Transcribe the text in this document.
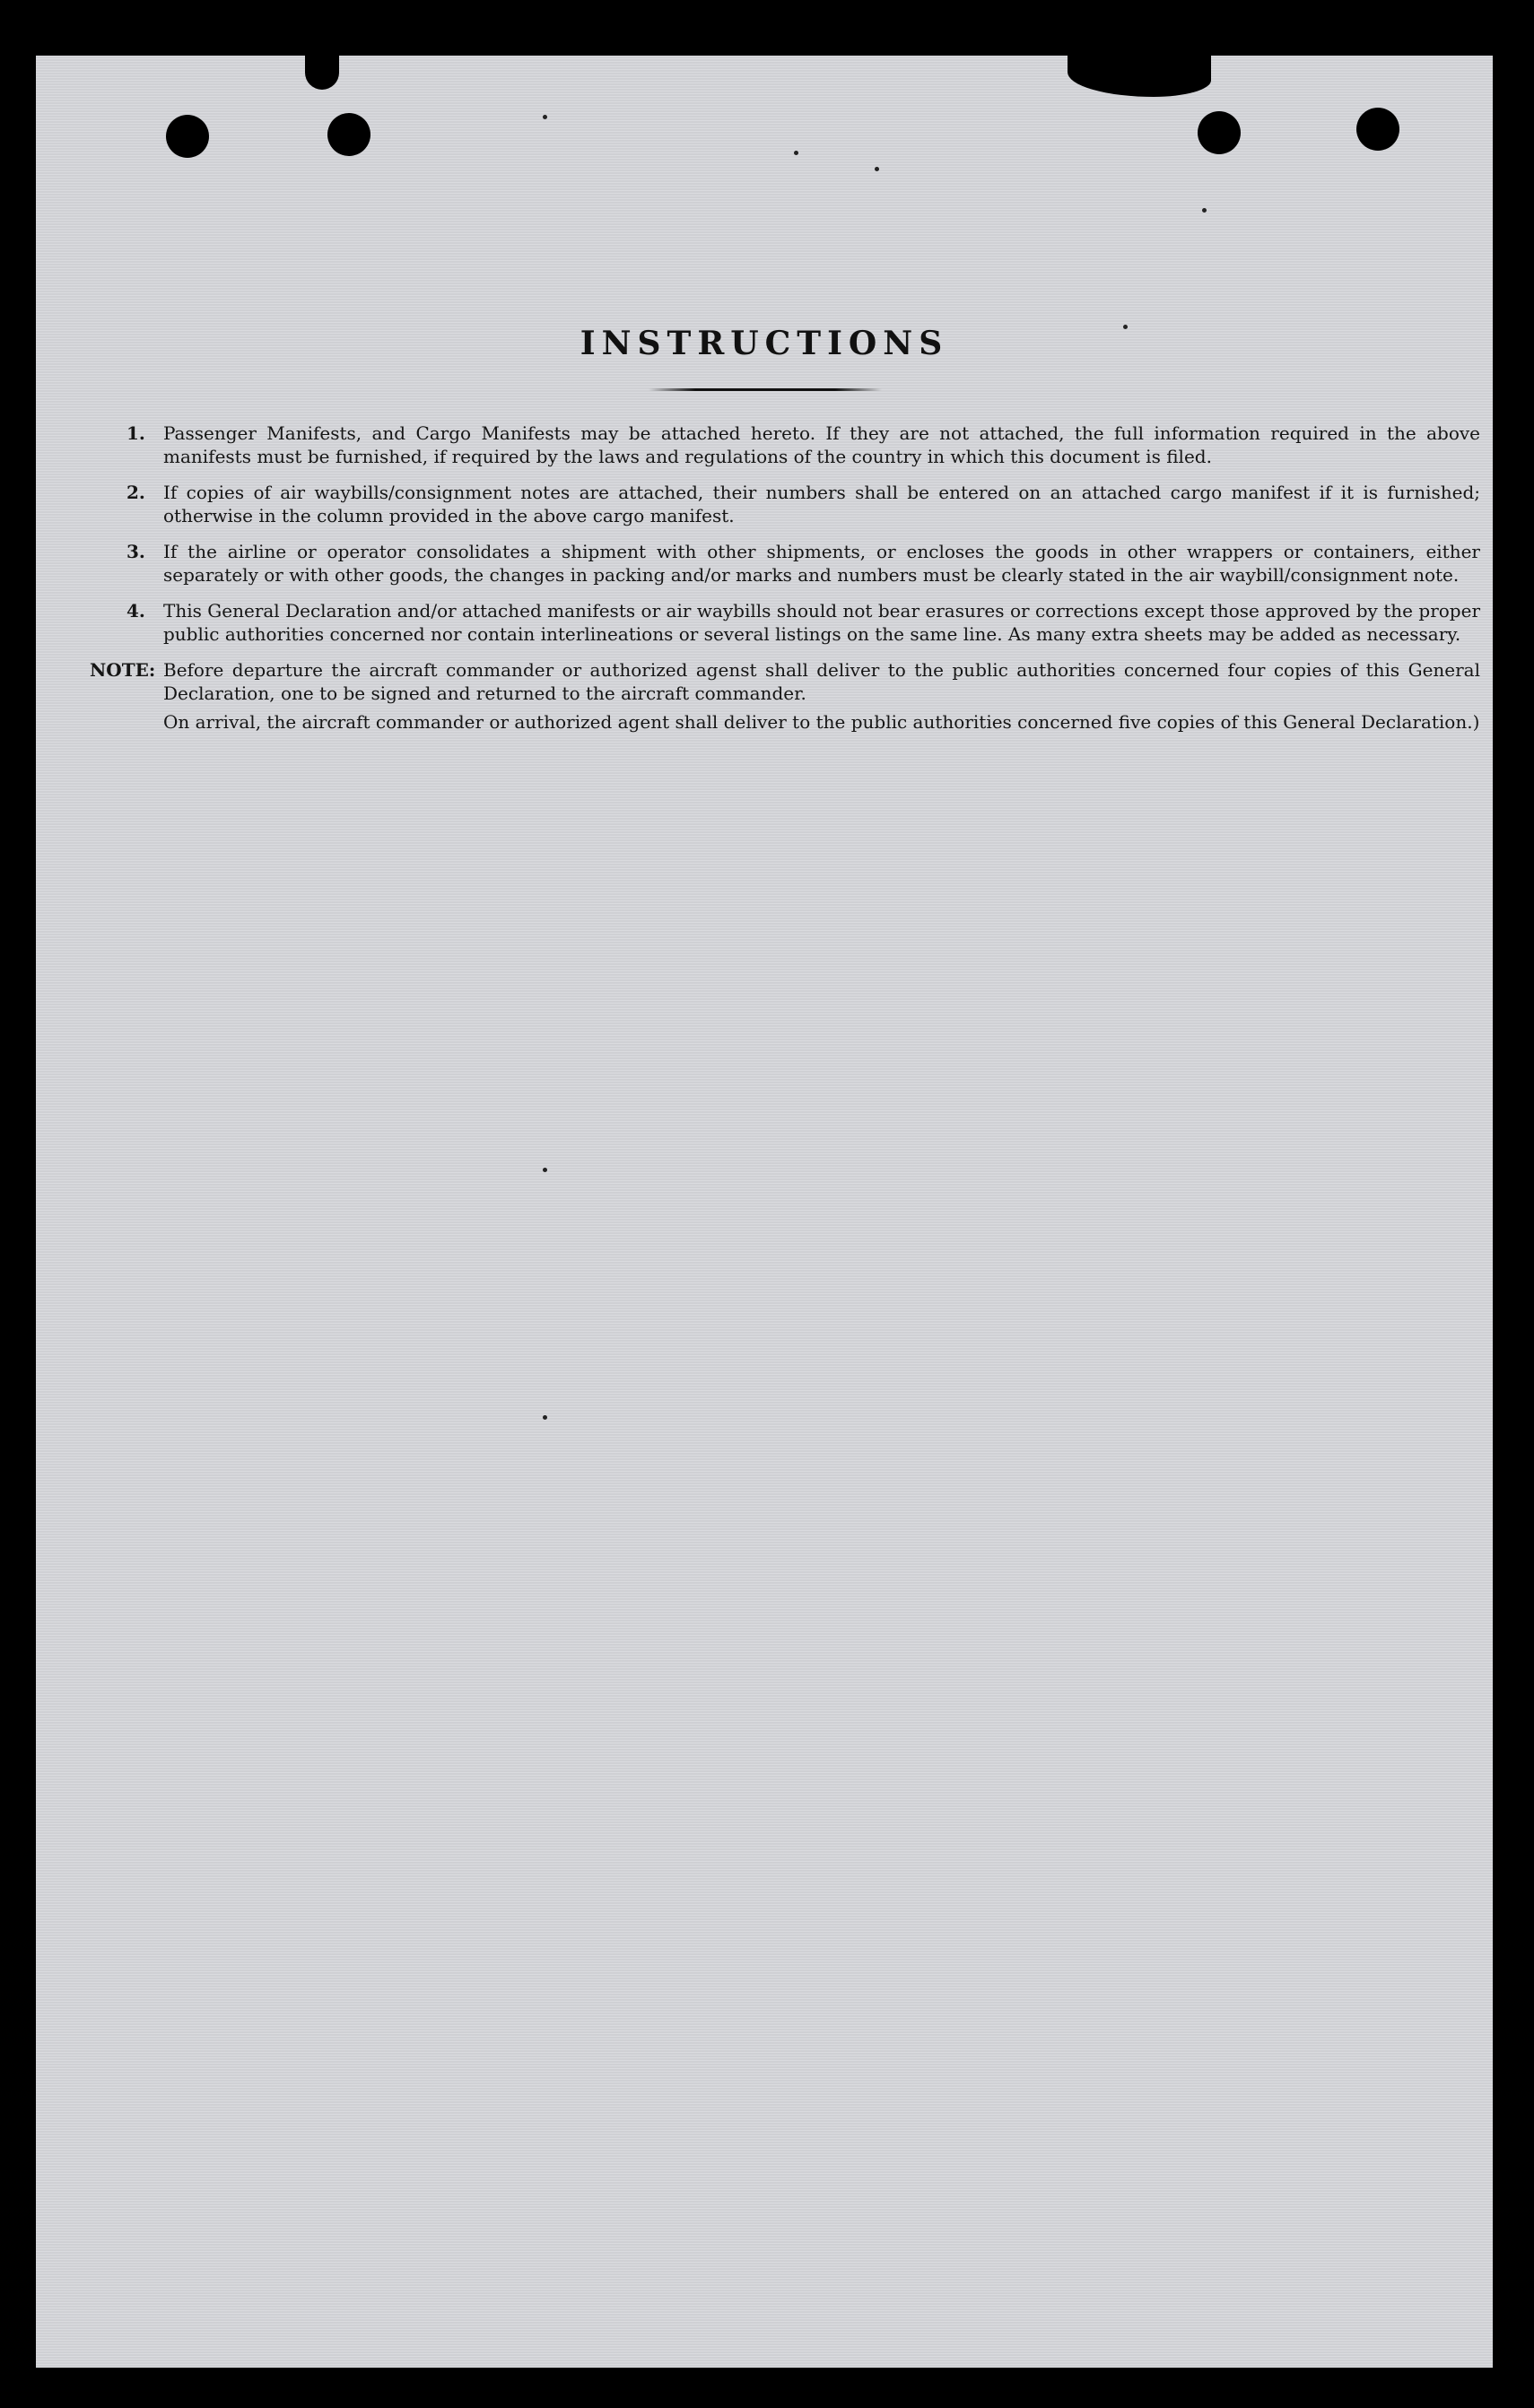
INSTRUCTIONS
1. Passenger Manifests, and Cargo Manifests may be attached hereto. If they are not attached, the full information required in the above manifests must be furnished, if required by the laws and regulations of the country in which this document is filed.
2. If copies of air waybills/consignment notes are attached, their numbers shall be entered on an attached cargo manifest if it is furnished; otherwise in the column provided in the above cargo manifest.
3. If the airline or operator consolidates a shipment with other shipments, or encloses the goods in other wrappers or containers, either separately or with other goods, the changes in packing and/or marks and numbers must be clearly stated in the air waybill/consignment note.
4. This General Declaration and/or attached manifests or air waybills should not bear erasures or corrections except those approved by the proper public authorities concerned nor contain interlineations or several listings on the same line. As many extra sheets may be added as necessary.
NOTE: Before departure the aircraft commander or authorized agenst shall deliver to the public authorities concerned four copies of this General Declaration, one to be signed and returned to the aircraft commander.

On arrival, the aircraft commander or authorized agent shall deliver to the public authorities concerned five copies of this General Declaration.)
